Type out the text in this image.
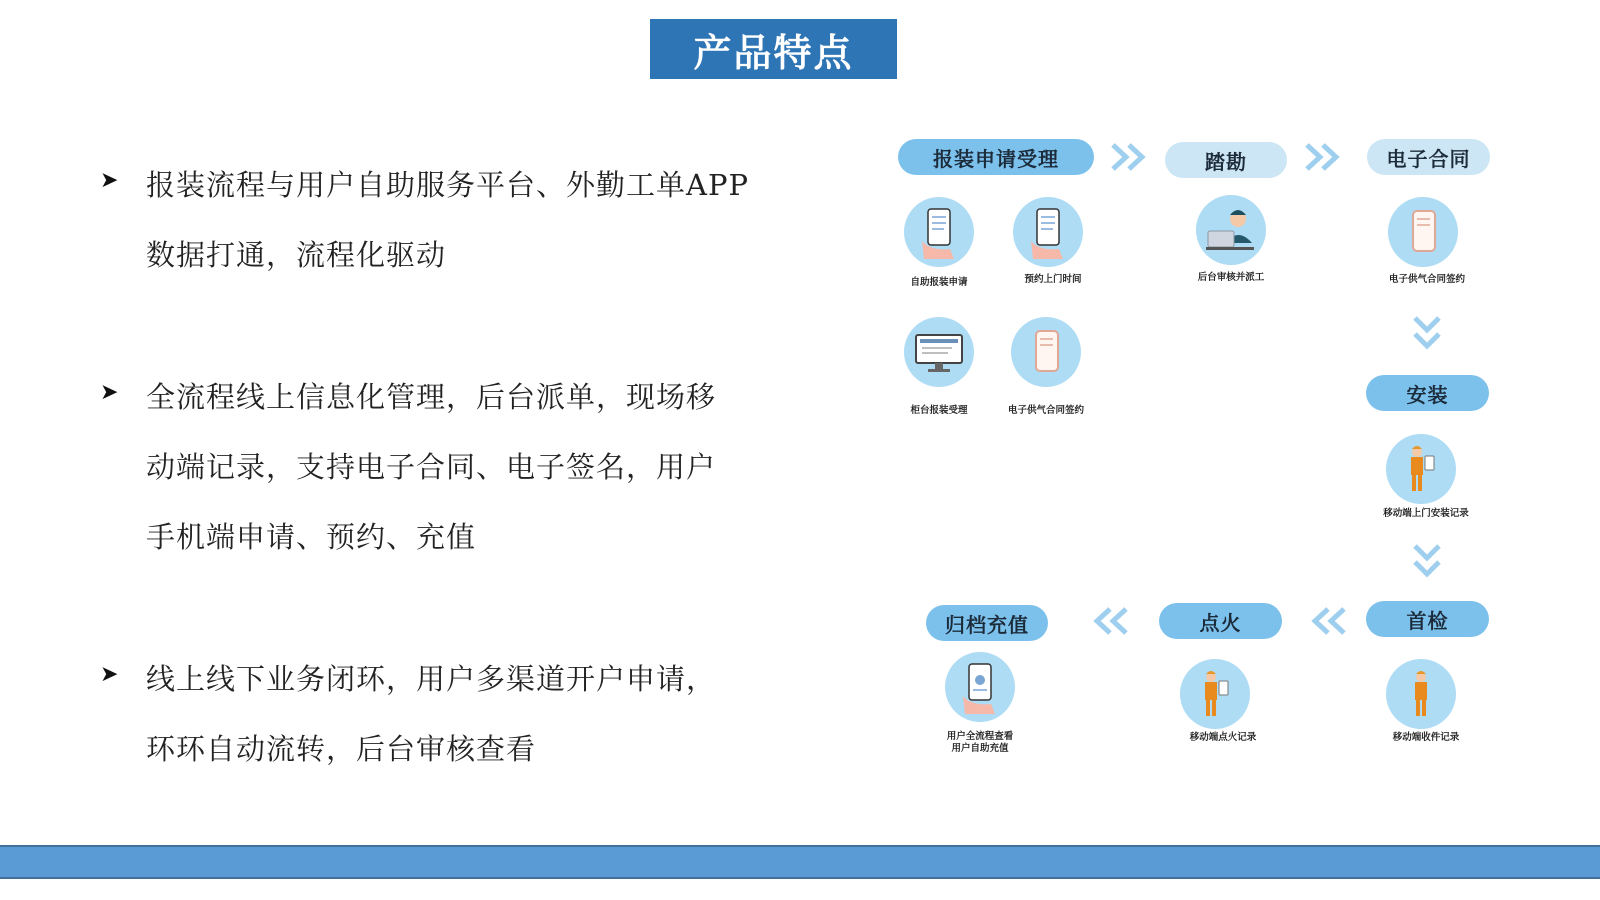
产品特点
➤ 报装流程与用户自助服务平台、外勤工单APP
数据打通，流程化驱动
➤ 全流程线上信息化管理，后台派单，现场移
动端记录，支持电子合同、电子签名，用户
手机端申请、预约、充值
➤ 线上线下业务闭环，用户多渠道开户申请，
环环自动流转，后台审核查看
报装申请受理	踏勘	电子合同
安装
首检
点火
归档充值
自助报装申请	预约上门时间
柜台报装受理	电子供气合同签约
后台审核并派工	电子供气合同签约
移动端上门安装记录
移动端收件记录
移动端点火记录
用户全流程查看
用户自助充值
